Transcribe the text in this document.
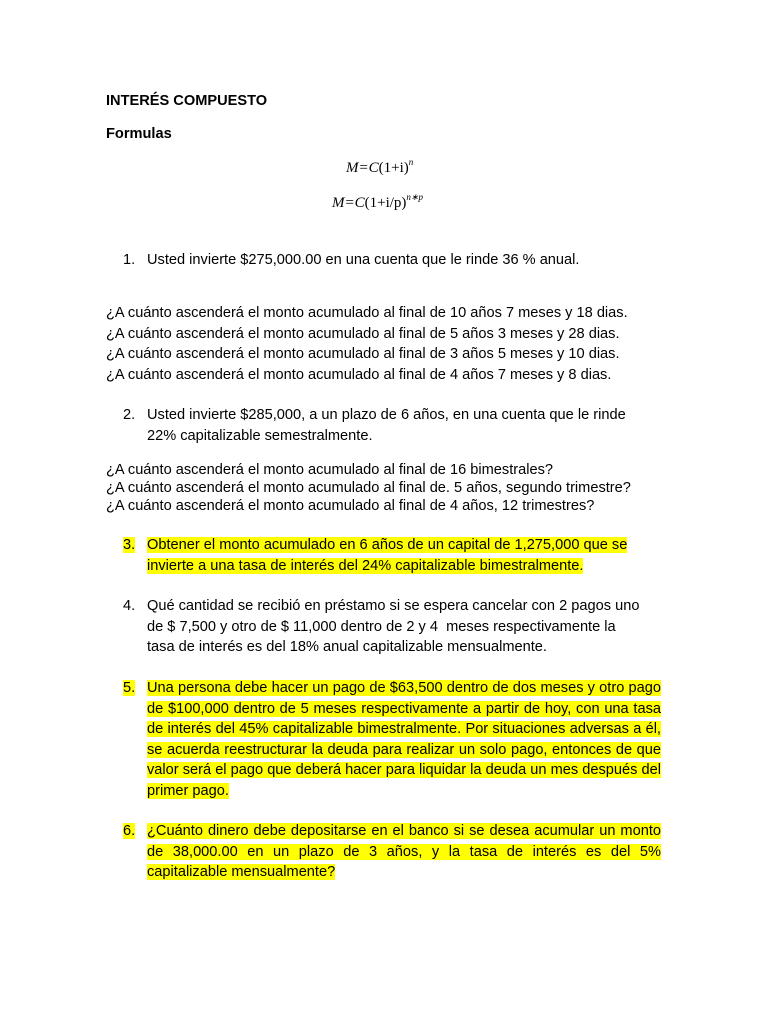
INTERÉS COMPUESTO
Formulas
$M=C(1+i)^n$
$M=C(1+i/p)^{n∗p}$
1. Usted invierte $275,000.00 en una cuenta que le rinde 36 % anual.
¿A cuánto ascenderá el monto acumulado al final de 10 años 7 meses y 18 dias.
¿A cuánto ascenderá el monto acumulado al final de 5 años 3 meses y 28 dias.
¿A cuánto ascenderá el monto acumulado al final de 3 años 5 meses y 10 dias.
¿A cuánto ascenderá el monto acumulado al final de 4 años 7 meses y 8 dias.
2. Usted invierte $285,000, a un plazo de 6 años, en una cuenta que le rinde
22% capitalizable semestralmente.
¿A cuánto ascenderá el monto acumulado al final de 16 bimestrales?
¿A cuánto ascenderá el monto acumulado al final de. 5 años, segundo trimestre?
¿A cuánto ascenderá el monto acumulado al final de 4 años, 12 trimestres?
3. Obtener el monto acumulado en 6 años de un capital de 1,275,000 que se
invierte a una tasa de interés del 24% capitalizable bimestralmente.
4. Qué cantidad se recibió en préstamo si se espera cancelar con 2 pagos uno
de $ 7,500 y otro de $ 11,000 dentro de 2 y 4  meses respectivamente la
tasa de interés es del 18% anual capitalizable mensualmente.
5. Una persona debe hacer un pago de $63,500 dentro de dos meses y otro pago de $100,000 dentro de 5 meses respectivamente a partir de hoy, con una tasa de interés del 45% capitalizable bimestralmente. Por situaciones adversas a él, se acuerda reestructurar la deuda para realizar un solo pago, entonces de que valor será el pago que deberá hacer para liquidar la deuda un mes después del primer pago.
6. ¿Cuánto dinero debe depositarse en el banco si se desea acumular un monto de 38,000.00 en un plazo de 3 años, y la tasa de interés es del 5% capitalizable mensualmente?
